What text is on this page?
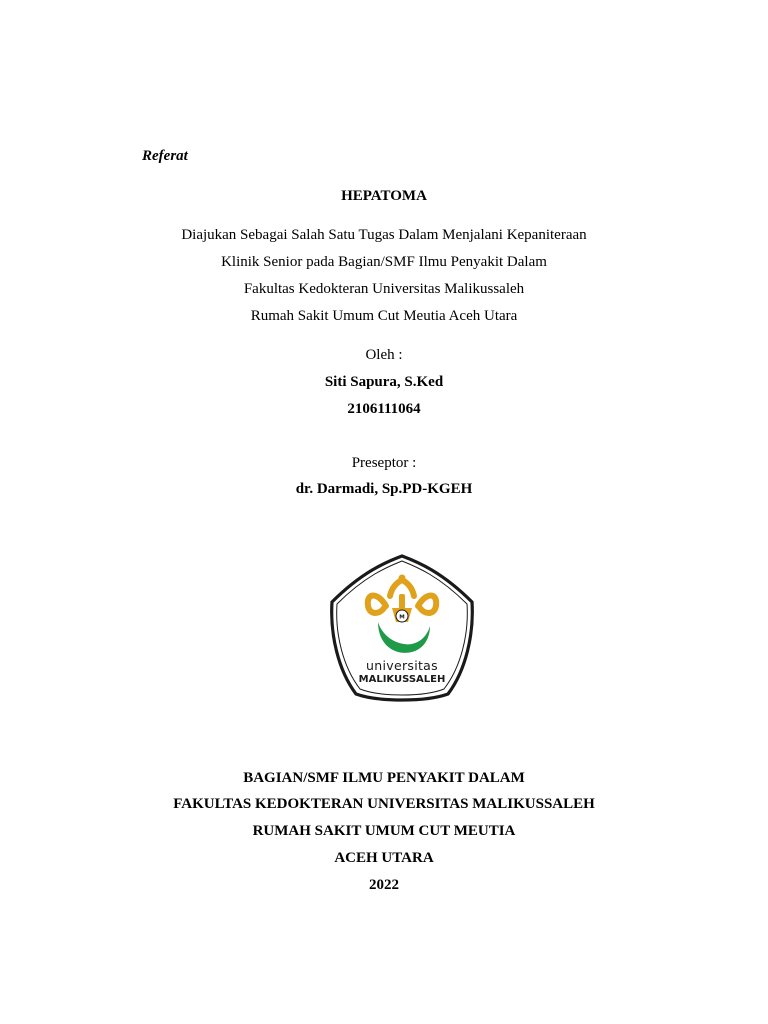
Referat
HEPATOMA
Diajukan Sebagai Salah Satu Tugas Dalam Menjalani Kepaniteraan
Klinik Senior pada Bagian/SMF Ilmu Penyakit Dalam
Fakultas Kedokteran Universitas Malikussaleh
Rumah Sakit Umum Cut Meutia Aceh Utara
Oleh :
Siti Sapura, S.Ked
2106111064
Preseptor :
dr. Darmadi, Sp.PD-KGEH
M
universitas
MALIKUSSALEH
BAGIAN/SMF ILMU PENYAKIT DALAM
FAKULTAS KEDOKTERAN UNIVERSITAS MALIKUSSALEH
RUMAH SAKIT UMUM CUT MEUTIA
ACEH UTARA
2022
